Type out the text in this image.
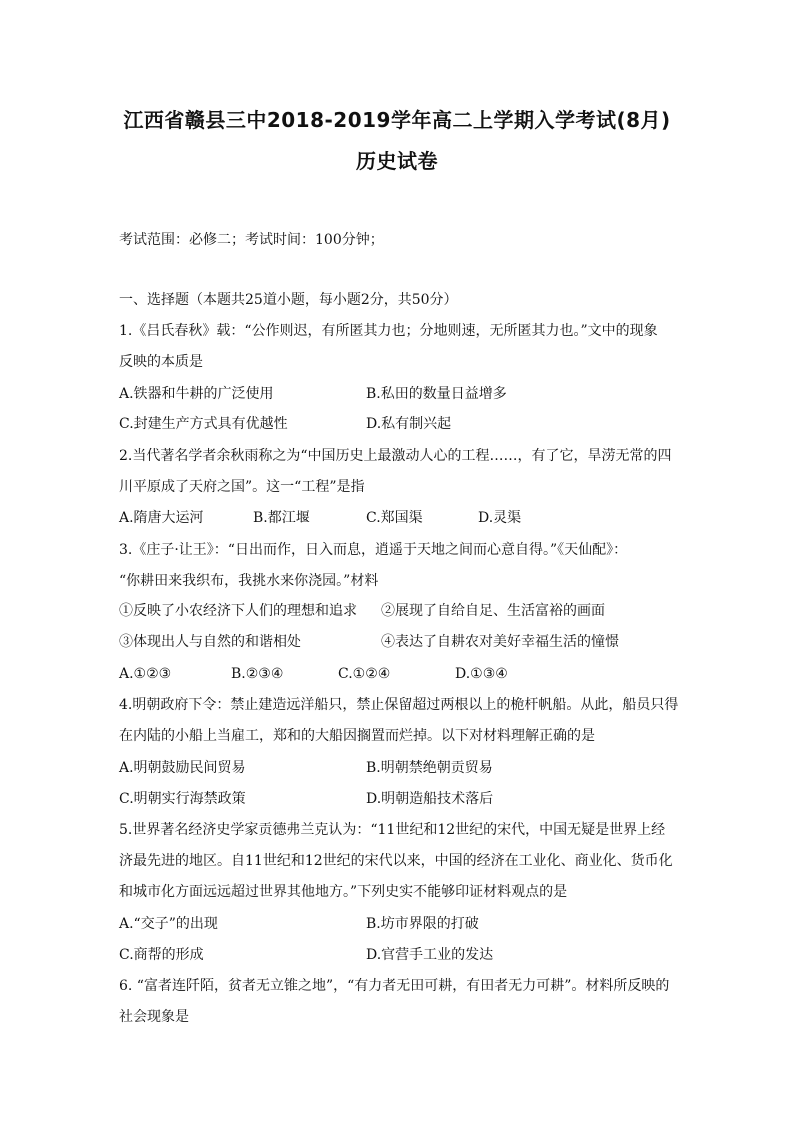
江西省赣县三中2018-2019学年高二上学期入学考试(8月)
历史试卷
考试范围：必修二；考试时间：100分钟；
一、选择题（本题共25道小题，每小题2分，共50分）
1.《吕氏春秋》载：“公作则迟，有所匿其力也；分地则速，无所匿其力也。”文中的现象
反映的本质是
A.铁器和牛耕的广泛使用	B.私田的数量日益增多
C.封建生产方式具有优越性	D.私有制兴起
2.当代著名学者余秋雨称之为“中国历史上最激动人心的工程……，有了它，旱涝无常的四
川平原成了天府之国”。这一“工程”是指
A.隋唐大运河	B.都江堰	C.郑国渠	D.灵渠
3.《庄子·让王》：“日出而作，日入而息，逍遥于天地之间而心意自得。”《天仙配》：
“你耕田来我织布，我挑水来你浇园。”材料
①反映了小农经济下人们的理想和追求 ②展现了自给自足、生活富裕的画面
③体现出人与自然的和谐相处	④表达了自耕农对美好幸福生活的憧憬
A.①②③	B.②③④	C.①②④	D.①③④
4.明朝政府下令：禁止建造远洋船只，禁止保留超过两根以上的桅杆帆船。从此，船员只得
在内陆的小船上当雇工，郑和的大船因搁置而烂掉。以下对材料理解正确的是
A.明朝鼓励民间贸易	B.明朝禁绝朝贡贸易
C.明朝实行海禁政策	D.明朝造船技术落后
5.世界著名经济史学家贡德弗兰克认为：“11世纪和12世纪的宋代，中国无疑是世界上经
济最先进的地区。自11世纪和12世纪的宋代以来，中国的经济在工业化、商业化、货币化
和城市化方面远远超过世界其他地方。”下列史实不能够印证材料观点的是
A.“交子”的出现	B.坊市界限的打破
C.商帮的形成	D.官营手工业的发达
6. “富者连阡陌，贫者无立锥之地”，“有力者无田可耕，有田者无力可耕”。材料所反映的
社会现象是
